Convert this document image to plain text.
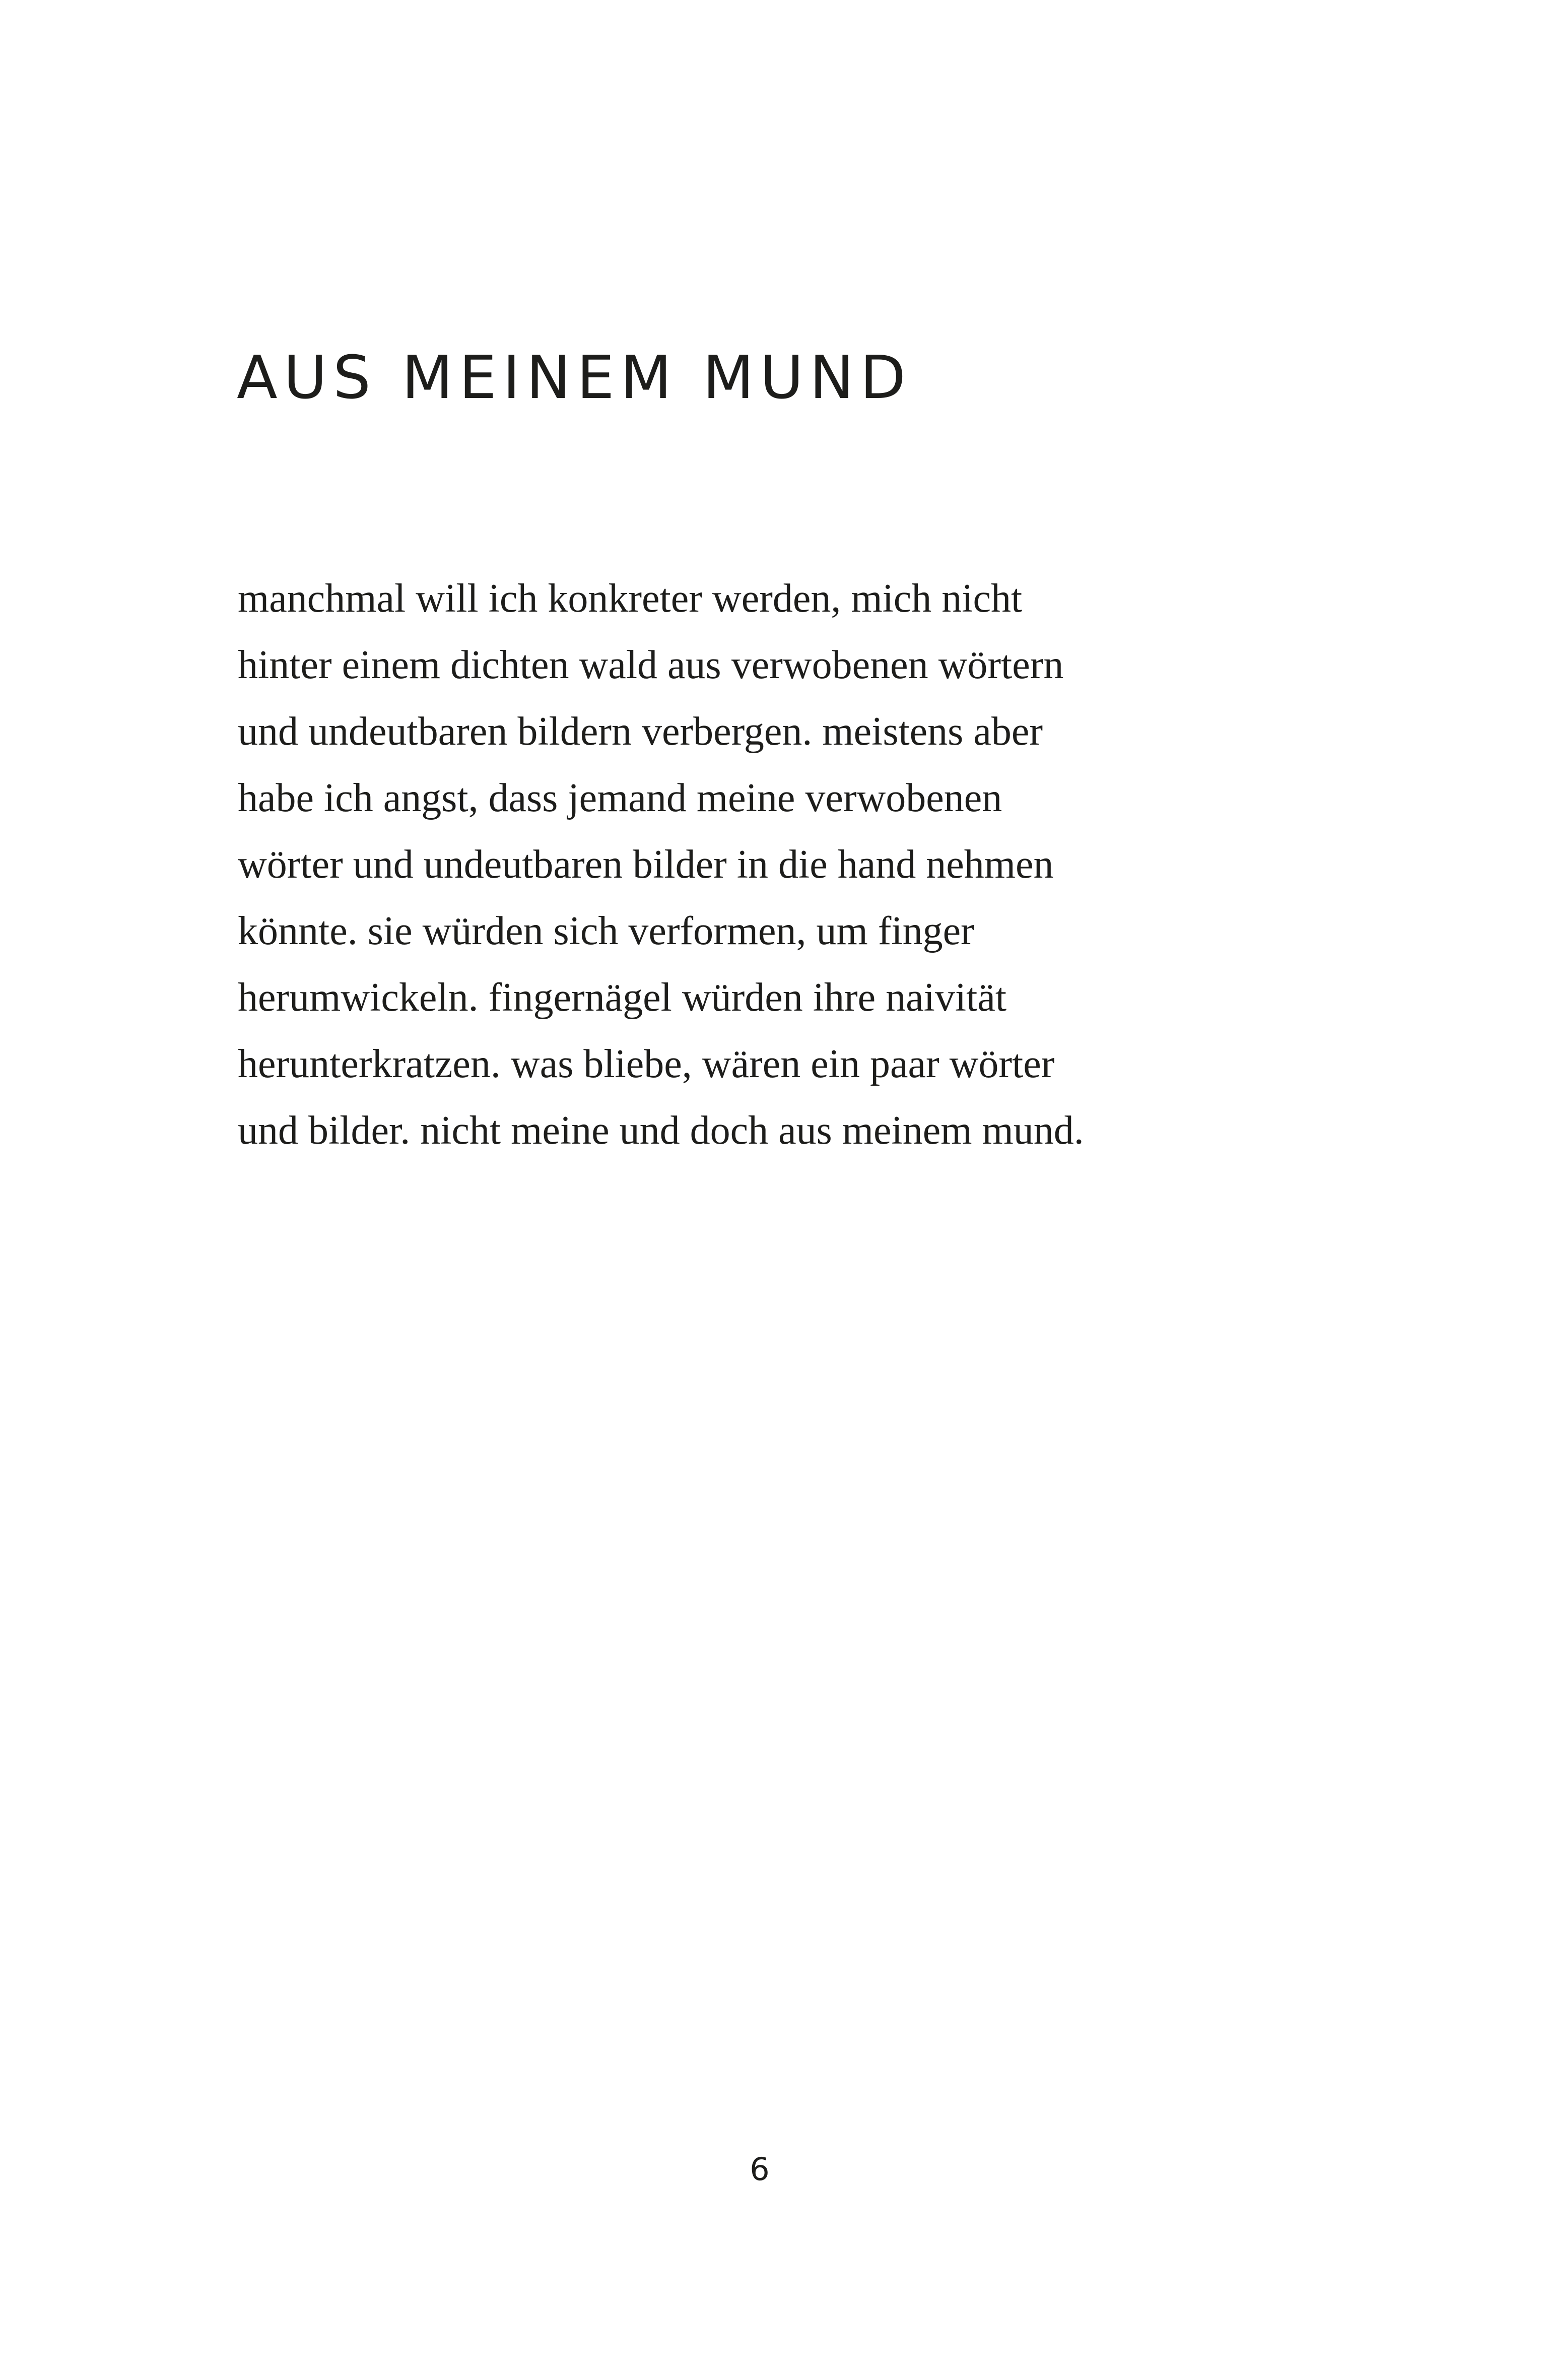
AUS MEINEM MUND
manchmal will ich konkreter werden, mich nicht
hinter einem dichten wald aus verwobenen wörtern
und undeutbaren bildern verbergen. meistens aber
habe ich angst, dass jemand meine verwobenen
wörter und undeutbaren bilder in die hand nehmen
könnte. sie würden sich verformen, um finger
herumwickeln. fingernägel würden ihre naivität
herunterkratzen. was bliebe, wären ein paar wörter
und bilder. nicht meine und doch aus meinem mund.
6
